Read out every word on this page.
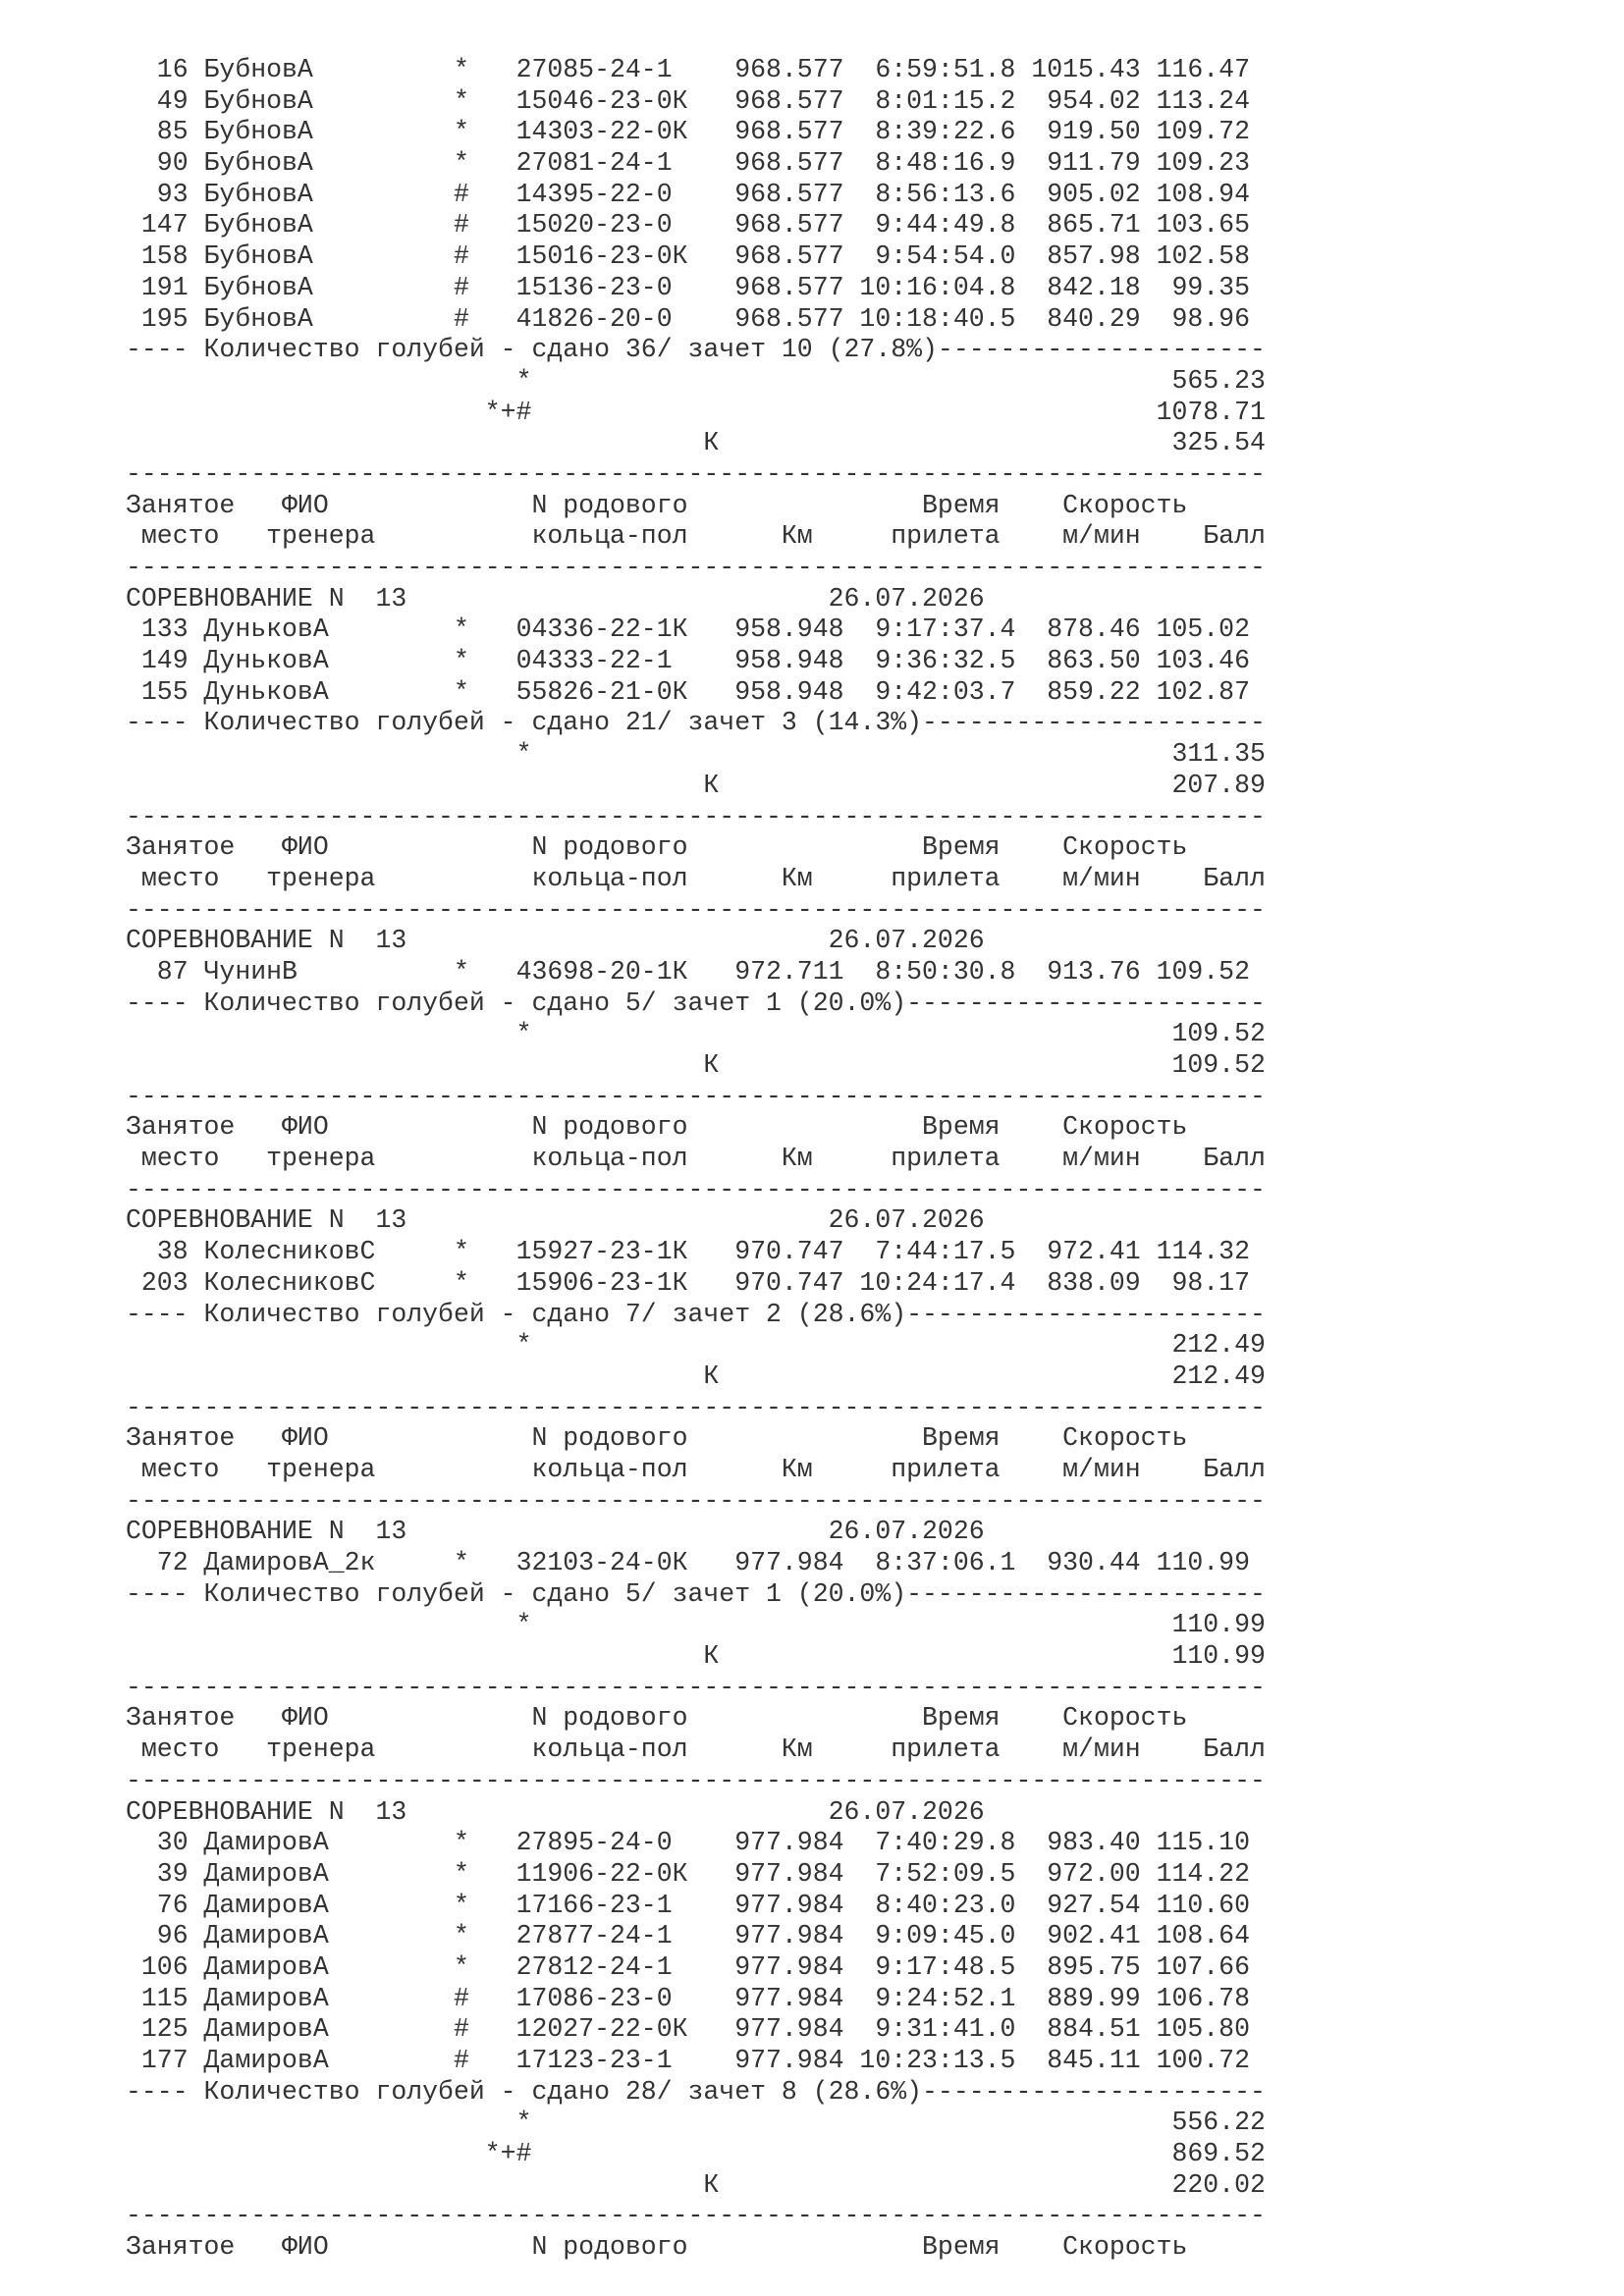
16 БубновА         *   27085-24-1    968.577  6:59:51.8 1015.43 116.47
49 БубновА         *   15046-23-0К   968.577  8:01:15.2  954.02 113.24
85 БубновА         *   14303-22-0К   968.577  8:39:22.6  919.50 109.72
90 БубновА         *   27081-24-1    968.577  8:48:16.9  911.79 109.23
93 БубновА         #   14395-22-0    968.577  8:56:13.6  905.02 108.94
147 БубновА         #   15020-23-0    968.577  9:44:49.8  865.71 103.65
158 БубновА         #   15016-23-0К   968.577  9:54:54.0  857.98 102.58
191 БубновА         #   15136-23-0    968.577 10:16:04.8  842.18  99.35
195 БубновА         #   41826-20-0    968.577 10:18:40.5  840.29  98.96
---- Количество голубей - сдано 36/ зачет 10 (27.8%)---------------------
*                                         565.23
*+#                                        1078.71
К                             325.54
-------------------------------------------------------------------------
Занятое   ФИО             N родового               Время    Скорость
место   тренера          кольца-пол      Км     прилета    м/мин    Балл
-------------------------------------------------------------------------
СОРЕВНОВАНИЕ N  13                           26.07.2026
133 ДуньковА        *   04336-22-1К   958.948  9:17:37.4  878.46 105.02
149 ДуньковА        *   04333-22-1    958.948  9:36:32.5  863.50 103.46
155 ДуньковА        *   55826-21-0К   958.948  9:42:03.7  859.22 102.87
---- Количество голубей - сдано 21/ зачет 3 (14.3%)----------------------
*                                         311.35
К                             207.89
-------------------------------------------------------------------------
Занятое   ФИО             N родового               Время    Скорость
место   тренера          кольца-пол      Км     прилета    м/мин    Балл
-------------------------------------------------------------------------
СОРЕВНОВАНИЕ N  13                           26.07.2026
87 ЧунинВ          *   43698-20-1К   972.711  8:50:30.8  913.76 109.52
---- Количество голубей - сдано 5/ зачет 1 (20.0%)-----------------------
*                                         109.52
К                             109.52
-------------------------------------------------------------------------
Занятое   ФИО             N родового               Время    Скорость
место   тренера          кольца-пол      Км     прилета    м/мин    Балл
-------------------------------------------------------------------------
СОРЕВНОВАНИЕ N  13                           26.07.2026
38 КолесниковС     *   15927-23-1К   970.747  7:44:17.5  972.41 114.32
203 КолесниковС     *   15906-23-1К   970.747 10:24:17.4  838.09  98.17
---- Количество голубей - сдано 7/ зачет 2 (28.6%)-----------------------
*                                         212.49
К                             212.49
-------------------------------------------------------------------------
Занятое   ФИО             N родового               Время    Скорость
место   тренера          кольца-пол      Км     прилета    м/мин    Балл
-------------------------------------------------------------------------
СОРЕВНОВАНИЕ N  13                           26.07.2026
72 ДамировА_2к     *   32103-24-0К   977.984  8:37:06.1  930.44 110.99
---- Количество голубей - сдано 5/ зачет 1 (20.0%)-----------------------
*                                         110.99
К                             110.99
-------------------------------------------------------------------------
Занятое   ФИО             N родового               Время    Скорость
место   тренера          кольца-пол      Км     прилета    м/мин    Балл
-------------------------------------------------------------------------
СОРЕВНОВАНИЕ N  13                           26.07.2026
30 ДамировА        *   27895-24-0    977.984  7:40:29.8  983.40 115.10
39 ДамировА        *   11906-22-0К   977.984  7:52:09.5  972.00 114.22
76 ДамировА        *   17166-23-1    977.984  8:40:23.0  927.54 110.60
96 ДамировА        *   27877-24-1    977.984  9:09:45.0  902.41 108.64
106 ДамировА        *   27812-24-1    977.984  9:17:48.5  895.75 107.66
115 ДамировА        #   17086-23-0    977.984  9:24:52.1  889.99 106.78
125 ДамировА        #   12027-22-0К   977.984  9:31:41.0  884.51 105.80
177 ДамировА        #   17123-23-1    977.984 10:23:13.5  845.11 100.72
---- Количество голубей - сдано 28/ зачет 8 (28.6%)----------------------
*                                         556.22
*+#                                         869.52
К                             220.02
-------------------------------------------------------------------------
Занятое   ФИО             N родового               Время    Скорость
